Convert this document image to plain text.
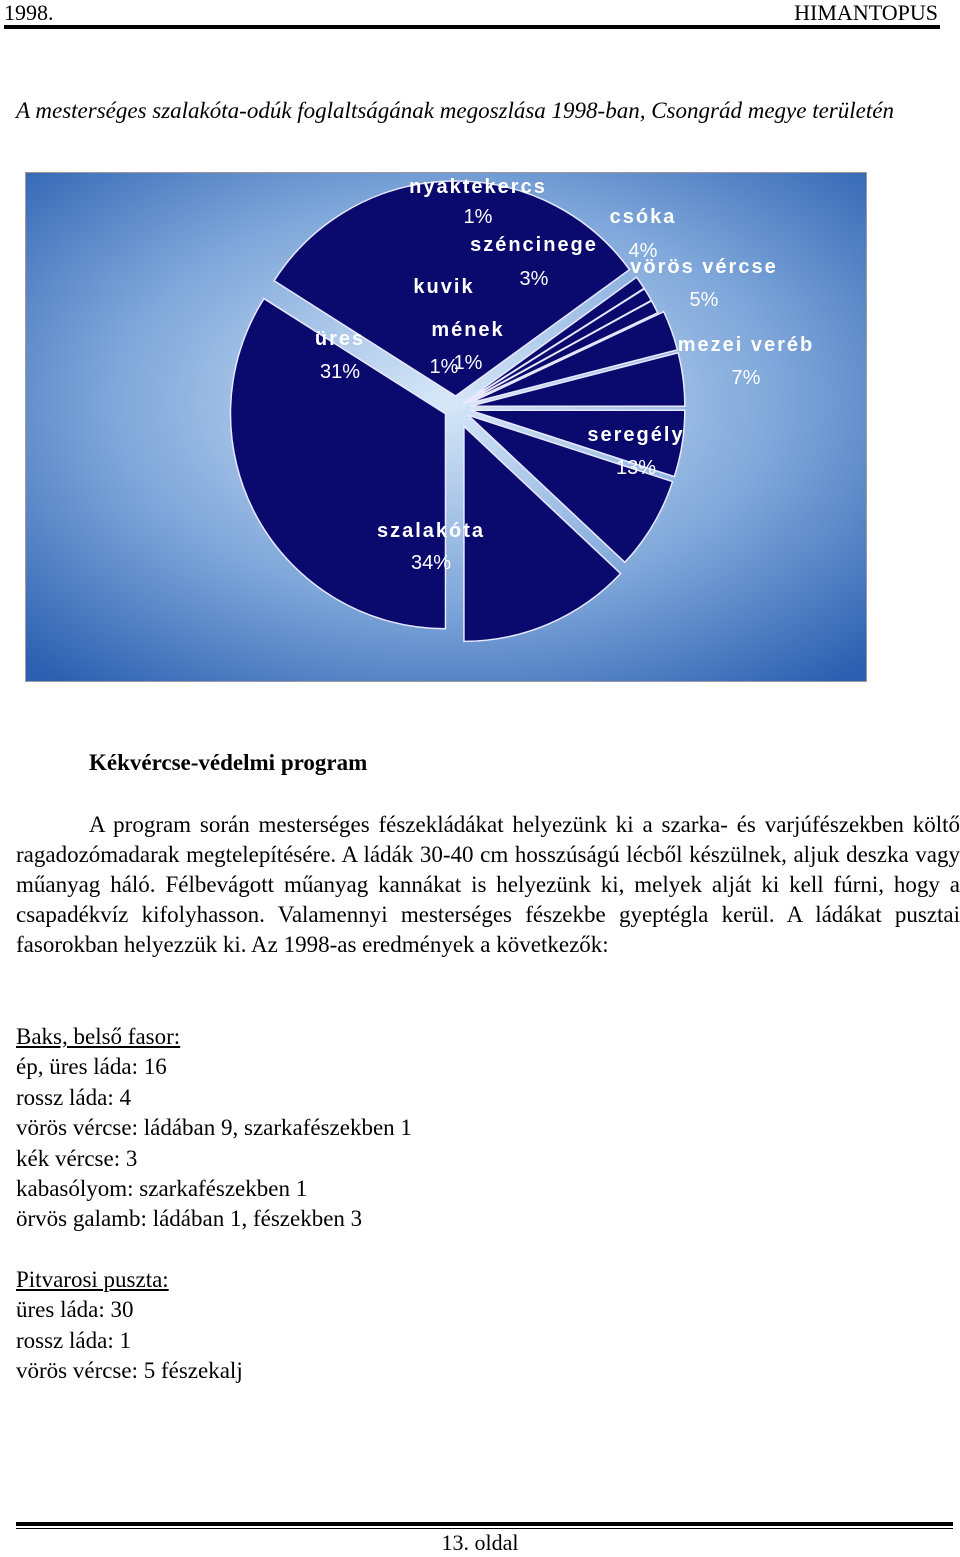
1998.	HIMANTOPUS
A mesterséges szalakóta-odúk foglaltságának megoszlása 1998-ban, Csongrád megye területén
szalakóta
34%
üres
31%
nyaktekercs
1%
kuvik
1%
mének
1%
széncinege
3%
csóka
4%
vörös vércse
5%
mezei veréb
7%
seregély
13%
Kékvércse-védelmi program
A program során mesterséges fészekládákat helyezünk ki a szarka- és varjúfészekben költő ragadozómadarak megtelepítésére. A ládák 30-40 cm hosszúságú lécből készülnek, aljuk deszka vagy műanyag háló. Félbevágott műanyag kannákat is helyezünk ki, melyek alját ki kell fúrni, hogy a csapadékvíz kifolyhasson. Valamennyi mesterséges fészekbe gyeptégla kerül. A ládákat pusztai fasorokban helyezzük ki. Az 1998-as eredmények a következők:
Baks, belső fasor:
ép, üres láda: 16
rossz láda: 4
vörös vércse: ládában 9, szarkafészekben 1
kék vércse: 3
kabasólyom: szarkafészekben 1
örvös galamb: ládában 1, fészekben 3
Pitvarosi puszta:
üres láda: 30
rossz láda: 1
vörös vércse: 5 fészekalj
13. oldal
